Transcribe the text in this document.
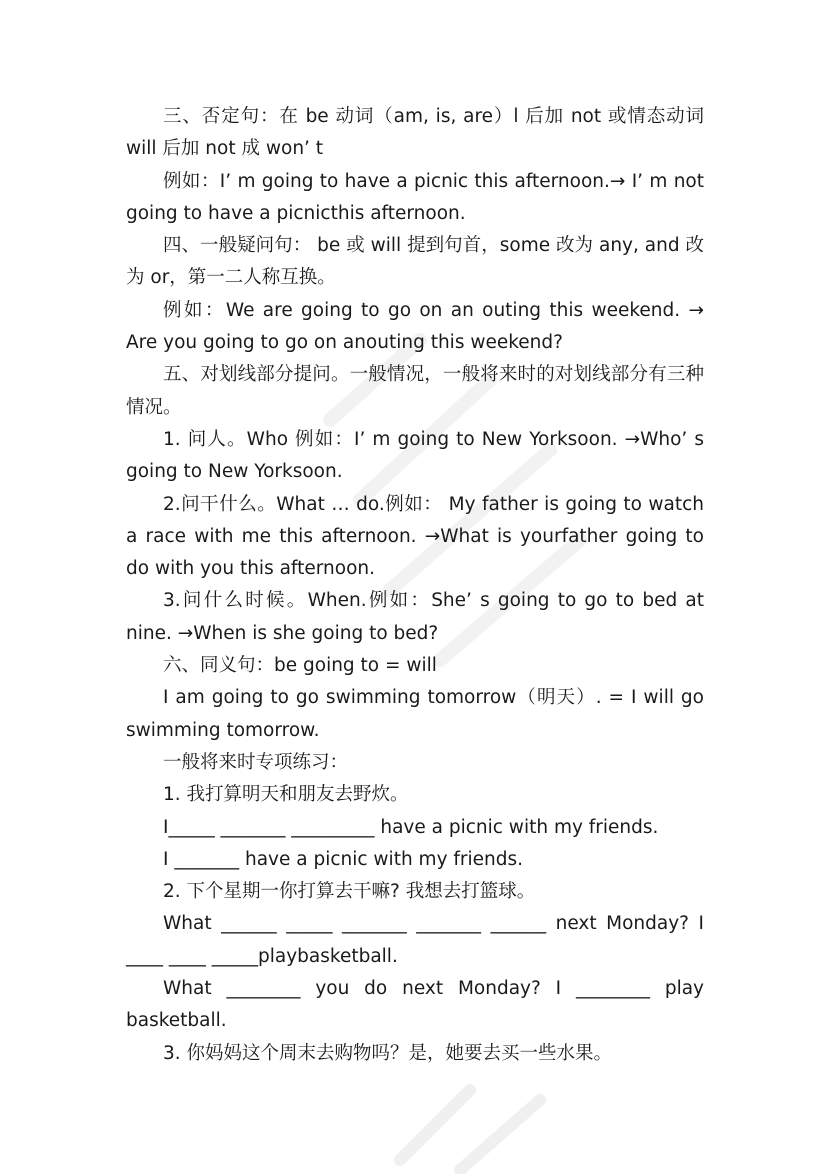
三、否定句：在 be 动词（am, is, are）l 后加 not 或情态动词 will 后加 not 成 won’ t

例如：I’ m going to have a picnic this afternoon.→ I’ m not going to have a picnicthis afternoon.

四、一般疑问句： be 或 will 提到句首，some 改为 any, and 改为 or，第一二人称互换。

例如：We are going to go on an outing this weekend. → Are you going to go on anouting this weekend?

五、对划线部分提问。一般情况，一般将来时的对划线部分有三种情况。

1. 问人。Who 例如：I’ m going to New Yorksoon. →Who’ s going to New Yorksoon.

2.问干什么。What … do.例如： My father is going to watch a race with me this afternoon. →What is yourfather going to do with you this afternoon.

3.问什么时候。When.例如：She’ s going to go to bed at nine. →When is she going to bed?

六、同义句：be going to = will

I am going to go swimming tomorrow（明天）. = I will go swimming tomorrow.

一般将来时专项练习：

1. 我打算明天和朋友去野炊。

I_____ _______ _________ have a picnic with my friends.

I _______ have a picnic with my friends.

2. 下个星期一你打算去干嘛? 我想去打篮球。

What ______ _____ _______ _______ ______ next Monday? I ____ ____ _____playbasketball.

What ________ you do next Monday? I ________ play basketball.

3. 你妈妈这个周末去购物吗？是，她要去买一些水果。
